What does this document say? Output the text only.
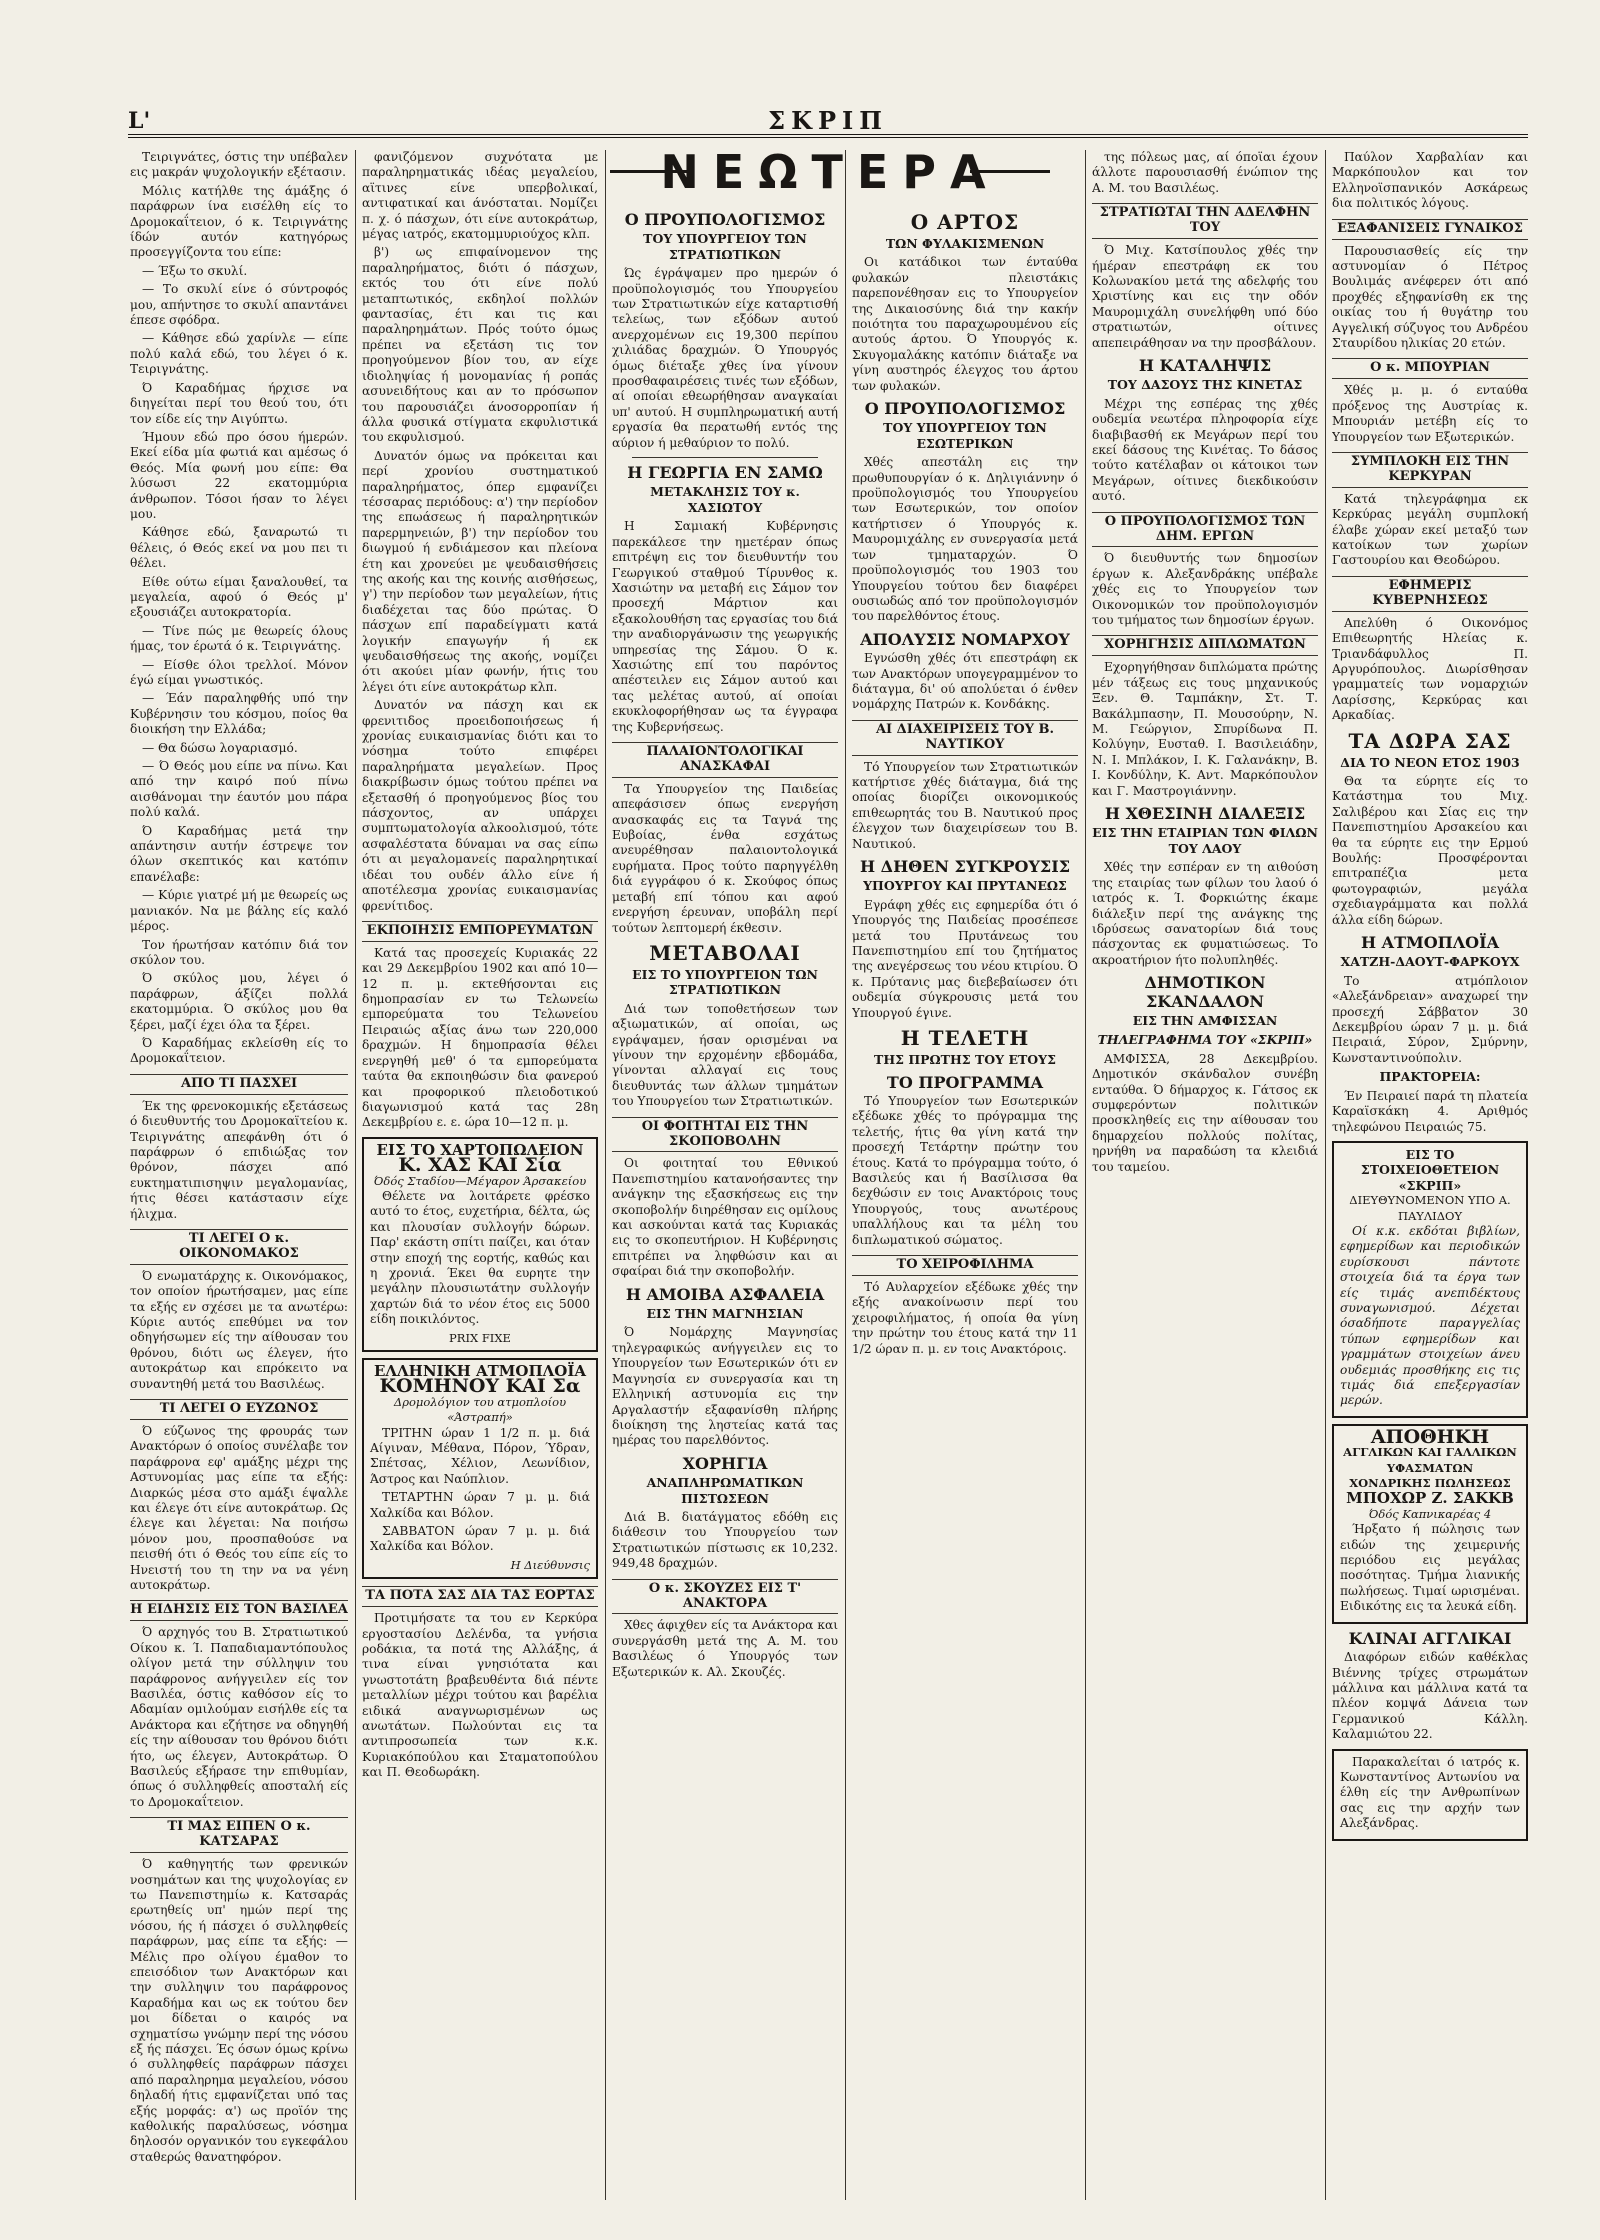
L'	ΣΚΡΙΠ

Τειριγνάτες, όστις την υπέβαλεν εις μακράν ψυχολογικήν εξέτασιν.

Μόλις κατήλθε της άμάξης ό παράφρων ίνα εισέλθη είς το Δρομοκαΐτειον, ό κ. Τειριγνάτης ίδών αυτόν κατηγόρως προσεγγίζοντα του είπε:

— Έξω το σκυλί.

— Το σκυλί είνε ό σύντροφός μου, απήντησε το σκυλί απαντάνει έπεσε σφόδρα.

— Κάθησε εδώ χαρίνλε — είπε πολύ καλά εδώ, του λέγει ό κ. Τειριγνάτης.

Ό Καραδήμας ήρχισε να διηγείται περί του θεού του, ότι τον είδε είς την Αιγύπτω.

Ήμουν εδώ προ όσου ήμερών. Εκεί είδα μία φωτιά και αμέσως ό Θεός. Μία φωνή μου είπε: Θα λύσωσι 22 εκατομμύρια άνθρωπον. Τόσοι ήσαν το λέγει μου.

Κάθησε εδώ, ξαναρωτώ τι θέλεις, ό Θεός εκεί να μου πει τι θέλει.

Είθε ούτω είμαι ξαναλουθεί, τα μεγαλεία, αφού ό Θεός μ' εξουσιάζει αυτοκρατορία.

— Τίνε πώς με θεωρείς όλους ήμας, τον έρωτά ό κ. Τειριγνάτης.

— Είσθε όλοι τρελλοί. Μόνον έγώ είμαι γνωστικός.

— Έάν παραληφθής υπό την Κυβέρνησιν του κόσμου, ποίος θα διοικήση την Ελλάδα;

— Θα δώσω λογαριασμό.

— Ό Θεός μου είπε να πίνω. Και από την καιρό πού πίνω αισθάνομαι την έαυτόν μου πάρα πολύ καλά.

Ό Καραδήμας μετά την απάντησιν αυτήν έστρεψε τον όλων σκεπτικός και κατόπιν επανέλαβε:

— Κύριε γιατρέ μή με θεωρείς ως μανιακόν. Να με βάλης είς καλό μέρος.

Τον ήρωτήσαν κατόπιν διά τον σκύλον του.

Ό σκύλος μου, λέγει ό παράφρων, άξίζει πολλά εκατομμύρια. Ό σκύλος μου θα ξέρει, μαζί έχει όλα τα ξέρει.

Ό Καραδήμας εκλείσθη είς το Δρομοκαΐτειον.

ΑΠΟ ΤΙ ΠΑΣΧΕΙ

Έκ της φρενοκομικής εξετάσεως ό διευθυντής του Δρομοκαϊτείου κ. Τειριγνάτης απεφάνθη ότι ό παράφρων ό επιδιώξας τον θρόνον, πάσχει από ευκτηματιπισηψιν μεγαλομανίας, ήτις θέσει κατάστασιν είχε ήλιχμα.

ΤΙ ΛΕΓΕΙ Ο κ. ΟΙΚΟΝΟΜΑΚΟΣ

Ό ενωματάρχης κ. Οικονόμακος, τον οποίον ήρωτήσαμεν, μας είπε τα εξής εν σχέσει με τα ανωτέρω: Κύριε αυτός επεθύμει να τον οδηγήσωμεν είς την αίθουσαν του θρόνου, διότι ως έλεγεν, ήτο αυτοκράτωρ και επρόκειτο να συναντηθή μετά του Βασιλέως.

ΤΙ ΛΕΓΕΙ Ο ΕΥΖΩΝΟΣ

Ό εύζωνος της φρουράς των Ανακτόρων ό οποίος συνέλαβε τον παράφρονα εφ' αμάξης μέχρι της Αστυνομίας μας είπε τα εξής: Διαρκώς μέσα στο αμάξι έψαλλε και έλεγε ότι είνε αυτοκράτωρ. Ως έλεγε και λέγεται: Να ποιήσω μόνον μου, προσπαθούσε να πεισθή ότι ό Θεός του είπε είς το Ηνειστή του τη την να να γένη αυτοκράτωρ.

Η ΕΙΔΗΣΙΣ ΕΙΣ ΤΟΝ ΒΑΣΙΛΕΑ

Ό αρχηγός του Β. Στρατιωτικού Οίκου κ. Ί. Παπαδιαμαντόπουλος ολίγον μετά την σύλληψιν του παράφρονος ανήγγειλεν είς τον Βασιλέα, όστις καθόσον είς το Αδαμίαν ομιλούμαν εισήλθε είς τα Ανάκτορα και εζήτησε να οδηγηθή είς την αίθουσαν του θρόνου διότι ήτο, ως έλεγεν, Αυτοκράτωρ. Ό Βασιλεύς εξήρασε την επιθυμίαν, όπως ό συλληφθείς αποσταλή είς το Δρομοκαΐτειον.

ΤΙ ΜΑΣ ΕΙΠΕΝ Ο κ. ΚΑΤΣΑΡΑΣ

Ό καθηγητής των φρενικών νοσημάτων και της ψυχολογίας εν τω Πανεπιστημίω κ. Κατσαράς ερωτηθείς υπ' ημών περί της νόσου, ής ή πάσχει ό συλληφθείς παράφρων, μας είπε τα εξής: — Μέλις προ ολίγου έμαθον το επεισόδιον των Ανακτόρων και την συλληψιν του παράφρονος Καραδήμα και ως εκ τούτου δεν μοι δίδεται ο καιρός να σχηματίσω γνώμην περί της νόσου εξ ής πάσχει. Ές όσων όμως κρίνω ό συλληφθείς παράφρων πάσχει από παραληρημα μεγαλείου, νόσου δηλαδή ήτις εμφανίζεται υπό τας εξής μορφάς: α') ως προϊόν της καθολικής παραλύσεως, νόσημα δηλοσόν οργανικόν του εγκεφάλου σταθερώς θανατηφόρον.

φανιζόμενον συχνότατα με παραληρηματικάς ιδέας μεγαλείου, αϊτινες είνε υπερβολικαί, αντιφατικαί και άνόσταται. Νομίζει π. χ. ό πάσχων, ότι είνε αυτοκράτωρ, μέγας ιατρός, εκατομμυριούχος κλπ.

β') ως επιφαίνομενον της παραληρήματος, διότι ό πάσχων, εκτός του ότι είνε πολύ μεταπτωτικός, εκδηλοί πολλών φαντασίας, έτι και τις και παραληρημάτων. Πρός τούτο όμως πρέπει να εξετάση τις τον προηγούμενον βίον του, αν είχε ιδιοληψίας ή μονομανίας ή ροπάς ασυνειδήτους και αν το πρόσωπον του παρουσιάζει άνοσορροπίαν ή άλλα φυσικά στίγματα εκφυλιστικά του εκφυλισμού.

Δυνατόν όμως να πρόκειται και περί χρονίου συστηματικού παραληρήματος, όπερ εμφανίζει τέσσαρας περιόδους: α') την περίοδον της επωάσεως ή παραληρητικών παρερμηνειών, β') την περίοδον του διωγμού ή ενδιάμεσον και πλείονα έτη και χρονεύει με ψευδαισθήσεις της ακοής και της κοινής αισθήσεως, γ') την περίοδον των μεγαλείων, ήτις διαδέχεται τας δύο πρώτας. Ό πάσχων επί παραδείγματι κατά λογικήν επαγωγήν ή εκ ψευδαισθήσεως της ακοής, νομίζει ότι ακούει μίαν φωνήν, ήτις του λέγει ότι είνε αυτοκράτωρ κλπ.

Δυνατόν να πάσχη και εκ φρενιτιδος προειδοποιήσεως ή χρονίας ευικαισμανίας διότι και το νόσημα τούτο επιφέρει παραληρήματα μεγαλείων. Προς διακρίβωσιν όμως τούτου πρέπει να εξετασθή ό προηγούμενος βίος του πάσχοντος, αν υπάρχει συμπτωματολογία αλκοολισμού, τότε ασφαλέστατα δύναμαι να σας είπω ότι αι μεγαλομανείς παραληρητικαί ιδέαι του ουδέν άλλο είνε ή αποτέλεσμα χρονίας ευικαισμανίας φρενίτιδος.

ΕΚΠΟΙΗΣΙΣ ΕΜΠΟΡΕΥΜΑΤΩΝ

Κατά τας προσεχείς Κυριακάς 22 και 29 Δεκεμβρίου 1902 και από 10—12 π. μ. εκτεθήσονται εις δημοπρασίαν εν τω Τελωνείω εμπορεύματα του Τελωνείου Πειραιώς αξίας άνω των 220,000 δραχμών. Η δημοπρασία θέλει ενεργηθή μεθ' ό τα εμπορεύματα ταύτα θα εκποιηθώσιν δια φανερού και προφορικού πλειοδοτικού διαγωνισμού κατά τας 28η Δεκεμβρίου ε. ε. ώρα 10—12 π. μ.

ΕΙΣ ΤΟ ΧΑΡΤΟΠΩΛΕΙΟΝ
Κ. ΧΑΣ ΚΑΙ Σία
Όδός Σταδίου—Μέγαρον Άρσακείου

Θέλετε να λοιτάρετε φρέσκο αυτό το έτος, ευχετήρια, δέλτα, ώς και πλουσίαν συλλογήν δώρων. Παρ' εκάστη σπίτι παίζει, και όταν στην εποχή της εορτής, καθώς και η χρονιά. Έκει θα ευρητε την μεγάλην πλουσιωτάτην συλλογήν χαρτών διά το νέον έτος εις 5000 είδη ποικιλόντος.

PRIX FIXE
ΕΛΛΗΝΙΚΗ ΑΤΜΟΠΛΟΪΑ
ΚΟΜΗΝΟΥ ΚΑΙ Σα
Δρομολόγιον του ατμοπλοίου «Άστραπή»

ΤΡΙΤΗΝ ώραν 1 1/2 π. μ. διά Αίγιναν, Μέθανα, Πόρον, Ύδραν, Σπέτσας, Χέλιον, Λεωνίδιον, Άστρος και Ναύπλιον.

ΤΕΤΑΡΤΗΝ ώραν 7 μ. μ. διά Χαλκίδα και Βόλον.

ΣΑΒΒΑΤΟΝ ώραν 7 μ. μ. διά Χαλκίδα και Βόλον.

Η Διεύθυνσις
ΤΑ ΠΟΤΑ ΣΑΣ ΔΙΑ ΤΑΣ ΕΟΡΤΑΣ

Προτιμήσατε τα του εν Κερκύρα εργοστασίου Δελένδα, τα γνήσια ροδάκια, τα ποτά της Αλλάξης, ά τινα είναι γνησιότατα και γνωστοτάτη βραβευθέντα διά πέντε μεταλλίων μέχρι τούτου και βαρέλια ειδικά αναγνωρισμένων ως ανωτάτων. Πωλούνται εις τα αντιπροσωπεία των κ.κ. Κυριακόπούλου και Σταματοπούλου και Π. Θεοδωράκη.

ΝΕΩΤΕΡΑ
Ο ΠΡΟΥΠΟΛΟΓΙΣΜΟΣ
ΤΟΥ ΥΠΟΥΡΓΕΙΟΥ ΤΩΝ ΣΤΡΑΤΙΩΤΙΚΩΝ

Ώς έγράψαμεν προ ημερών ό προϋπολογισμός του Υπουργείου των Στρατιωτικών είχε καταρτισθή τελείως, των εξόδων αυτού ανερχομένων εις 19,300 περίπου χιλιάδας δραχμών. Ό Υπουργός όμως διέταξε χθες ίνα γίνουν προσθαφαιρέσεις τινές των εξόδων, αί οποίαι εθεωρήθησαν αναγκαίαι υπ' αυτού. Η συμπληρωματική αυτή εργασία θα περατωθή εντός της αύριον ή μεθαύριον το πολύ.

Η ΓΕΩΡΓΙΑ ΕΝ ΣΑΜΩ
ΜΕΤΑΚΛΗΣΙΣ ΤΟΥ κ. ΧΑΣΙΩΤΟΥ

Η Σαμιακή Κυβέρνησις παρεκάλεσε την ημετέραν όπως επιτρέψη εις τον διευθυντήν του Γεωργικού σταθμού Τίρυνθος κ. Χασιώτην να μεταβή εις Σάμον τον προσεχή Μάρτιον και εξακολουθήση τας εργασίας του διά την αναδιοργάνωσιν της γεωργικής υπηρεσίας της Σάμου. Ό κ. Χασιώτης επί του παρόντος απέστειλεν εις Σάμον αυτού και τας μελέτας αυτού, αί οποίαι εκυκλοφορήθησαν ως τα έγγραφα της Κυβερνήσεως.

ΠΑΛΑΙΟΝΤΟΛΟΓΙΚΑΙ ΑΝΑΣΚΑΦΑΙ

Τα Υπουργείον της Παιδείας απεφάσισεν όπως ενεργήση ανασκαφάς εις τα Ταγνά της Ευβοίας, ένθα εσχάτως ανευρέθησαν παλαιοντολογικά ευρήματα. Προς τούτο παρηγγέλθη διά εγγράφου ό κ. Σκούφος όπως μεταβή επί τόπου και αφού ενεργήση έρευναν, υποβάλη περί τούτων λεπτομερή έκθεσιν.

ΜΕΤΑΒΟΛΑΙ
ΕΙΣ ΤΟ ΥΠΟΥΡΓΕΙΟΝ ΤΩΝ ΣΤΡΑΤΙΩΤΙΚΩΝ

Διά των τοποθετήσεων των αξιωματικών, αί οποίαι, ως εγράψαμεν, ήσαν ορισμέναι να γίνουν την ερχομένην εβδομάδα, γίνονται αλλαγαί εις τους διευθυντάς των άλλων τμημάτων του Υπουργείου των Στρατιωτικών.

ΟΙ ΦΟΙΤΗΤΑΙ ΕΙΣ ΤΗΝ ΣΚΟΠΟΒΟΛΗΝ

Οι φοιτηταί του Εθνικού Πανεπιστημίου κατανοήσαντες την ανάγκην της εξασκήσεως εις την σκοποβολήν διηρέθησαν εις ομίλους και ασκούνται κατά τας Κυριακάς εις το σκοπευτήριον. Η Κυβέρνησις επιτρέπει να ληφθώσιν και αι σφαίραι διά την σκοποβολήν.

Η ΑΜΟΙΒΑ ΑΣΦΑΛΕΙΑ
ΕΙΣ ΤΗΝ ΜΑΓΝΗΣΙΑΝ

Ό Νομάρχης Μαγνησίας τηλεγραφικώς ανήγγειλεν εις το Υπουργείον των Εσωτερικών ότι εν Μαγνησία εν συνεργασία και τη Ελληνική αστυνομία εις την Αργαλαστήν εξαφανίσθη πλήρης διοίκηση της ληστείας κατά τας ημέρας του παρελθόντος.

ΧΟΡΗΓΙΑ
ΑΝΑΠΛΗΡΩΜΑΤΙΚΩΝ ΠΙΣΤΩΣΕΩΝ

Διά Β. διατάγματος εδόθη εις διάθεσιν του Υπουργείου των Στρατιωτικών πίστωσις εκ 10,232. 949,48 δραχμών.

Ο κ. ΣΚΟΥΖΕΣ ΕΙΣ Τ' ΑΝΑΚΤΟΡΑ

Χθες άφιχθεν είς τα Ανάκτορα και συνεργάσθη μετά της Α. Μ. του Βασιλέως ό Υπουργός των Εξωτερικών κ. Αλ. Σκουζές.

Ο ΑΡΤΟΣ
ΤΩΝ ΦΥΛΑΚΙΣΜΕΝΩΝ

Οι κατάδικοι των ένταύθα φυλακών πλειστάκις παρεπονέθησαν εις το Υπουργείον της Δικαιοσύνης διά την κακήν ποιότητα του παραχωρουμένου είς αυτούς άρτου. Ό Υπουργός κ. Σκυγομαλάκης κατόπιν διάταξε να γίνη αυστηρός έλεγχος του άρτου των φυλακών.

Ο ΠΡΟΥΠΟΛΟΓΙΣΜΟΣ
ΤΟΥ ΥΠΟΥΡΓΕΙΟΥ ΤΩΝ ΕΣΩΤΕΡΙΚΩΝ

Χθές απεστάλη εις την πρωθυπουργίαν ό κ. Δηλιγιάννην ό προϋπολογισμός του Υπουργείου των Εσωτερικών, τον οποίον κατήρτισεν ό Υπουργός κ. Μαυρομιχάλης εν συνεργασία μετά των τμηματαρχών. Ό προϋπολογισμός του 1903 του Υπουργείου τούτου δεν διαφέρει ουσιωδώς από τον προϋπολογισμόν του παρελθόντος έτους.

ΑΠΟΛΥΣΙΣ ΝΟΜΑΡΧΟΥ

Εγνώσθη χθές ότι επεστράφη εκ των Ανακτόρων υπογεγραμμένον το διάταγμα, δι' ού απολύεται ό ένθεν νομάρχης Πατρών κ. Κονδάκης.

ΑΙ ΔΙΑΧΕΙΡΙΣΕΙΣ ΤΟΥ Β. ΝΑΥΤΙΚΟΥ

Τό Υπουργείον των Στρατιωτικών κατήρτισε χθές διάταγμα, διά της οποίας διορίζει οικονομικούς επιθεωρητάς του Β. Ναυτικού προς έλεγχον των διαχειρίσεων του Β. Ναυτικού.

Η ΔΗΘΕΝ ΣΥΓΚΡΟΥΣΙΣ
ΥΠΟΥΡΓΟΥ ΚΑΙ ΠΡΥΤΑΝΕΩΣ

Εγράφη χθές εις εφημερίδα ότι ό Υπουργός της Παιδείας προσέπεσε μετά του Πρυτάνεως του Πανεπιστημίου επί του ζητήματος της ανεγέρσεως του νέου κτιρίου. Ό κ. Πρύτανις μας διεβεβαίωσεν ότι ουδεμία σύγκρουσις μετά του Υπουργού έγινε.

Η ΤΕΛΕΤΗ
ΤΗΣ ΠΡΩΤΗΣ ΤΟΥ ΕΤΟΥΣ
ΤΟ ΠΡΟΓΡΑΜΜΑ

Τό Υπουργείον των Εσωτερικών εξέδωκε χθές το πρόγραμμα της τελετής, ήτις θα γίνη κατά την προσεχή Τετάρτην πρώτην του έτους. Κατά το πρόγραμμα τούτο, ό Βασιλεύς και ή Βασίλισσα θα δεχθώσιν εν τοις Ανακτόροις τους Υπουργούς, τους ανωτέρους υπαλλήλους και τα μέλη του διπλωματικού σώματος.

ΤΟ ΧΕΙΡΟΦΙΛΗΜΑ

Τό Αυλαρχείον εξέδωκε χθές την εξής ανακοίνωσιν περί του χειροφιλήματος, ή οποία θα γίνη την πρώτην του έτους κατά την 11 1/2 ώραν π. μ. εν τοις Ανακτόροις.

της πόλεως μας, αί όποϊαι έχουν άλλοτε παρουσιασθή ένώπιον της Α. Μ. του Βασιλέως.

ΣΤΡΑΤΙΩΤΑΙ ΤΗΝ ΑΔΕΛΦΗΝ ΤΟΥ

Ό Μιχ. Κατσίπουλος χθές την ήμέραν επεστράφη εκ του Κολωνακίου μετά της αδελφής του Χριστίνης και εις την οδόν Μαυρομιχάλη συνελήφθη υπό δύο στρατιωτών, οίτινες απεπειράθησαν να την προσβάλουν.

Η ΚΑΤΑΛΗΨΙΣ
ΤΟΥ ΔΑΣΟΥΣ ΤΗΣ ΚΙΝΕΤΑΣ

Μέχρι της εσπέρας της χθές ουδεμία νεωτέρα πληροφορία είχε διαβιβασθή εκ Μεγάρων περί του εκεί δάσους της Κινέτας. Το δάσος τούτο κατέλαβαν οι κάτοικοι των Μεγάρων, οίτινες διεκδικούσιν αυτό.

Ο ΠΡΟΥΠΟΛΟΓΙΣΜΟΣ ΤΩΝ ΔΗΜ. ΕΡΓΩΝ

Ό διευθυντής των δημοσίων έργων κ. Αλεξανδράκης υπέβαλε χθές εις το Υπουργείον των Οικονομικών τον προϋπολογισμόν του τμήματος των δημοσίων έργων.

ΧΟΡΗΓΗΣΙΣ ΔΙΠΛΩΜΑΤΩΝ

Εχορηγήθησαν διπλώματα πρώτης μέν τάξεως εις τους μηχανικούς Ξεν. Θ. Ταμπάκην, Στ. Τ. Βακάλμπασην, Π. Μουσούρην, Ν. Μ. Γεώργιον, Σπυρίδωνα Π. Κολύγην, Ευσταθ. Ι. Βασιλειάδην, Ν. Ι. Μπλάκον, Ι. Κ. Γαλανάκην, Β. Ι. Κονδύλην, Κ. Αντ. Μαρκόπουλον και Γ. Μαστρογιάννην.

Η ΧΘΕΣΙΝΗ ΔΙΑΛΕΞΙΣ
ΕΙΣ ΤΗΝ ΕΤΑΙΡΙΑΝ ΤΩΝ ΦΙΛΩΝ ΤΟΥ ΛΑΟΥ

Χθές την εσπέραν εν τη αιθούση της εταιρίας των φίλων του λαού ό ιατρός κ. Ί. Φορκιώτης έκαμε διάλεξιν περί της ανάγκης της ιδρύσεως σανατορίων διά τους πάσχοντας εκ φυματιώσεως. Το ακροατήριον ήτο πολυπληθές.

ΔΗΜΟΤΙΚΟΝ ΣΚΑΝΔΑΛΟΝ
ΕΙΣ ΤΗΝ ΑΜΦΙΣΣΑΝ
ΤΗΛΕΓΡΑΦΗΜΑ ΤΟΥ «ΣΚΡΙΠ»

ΑΜΦΙΣΣΑ, 28 Δεκεμβρίου. Δημοτικόν σκάνδαλον συνέβη ενταύθα. Ό δήμαρχος κ. Γάτσος εκ συμφερόντων πολιτικών προσκληθείς εις την αίθουσαν του δημαρχείου πολλούς πολίτας, ηρνήθη να παραδώση τα κλειδιά του ταμείου.

Παύλον Χαρβαλίαν και Μαρκόπουλον και τον Ελληνοϊσπανικόν Ασκάρεως δια πολιτικός λόγους.

ΕΞΑΦΑΝΙΣΕΙΣ ΓΥΝΑΙΚΟΣ

Παρουσιασθείς είς την αστυνομίαν ό Πέτρος Βουλιμάς ανέφερεν ότι από προχθές εξηφανίσθη εκ της οικίας του ή θυγάτηρ του Αγγελική σύζυγος του Ανδρέου Σταυρίδου ηλικίας 20 ετών.

Ο κ. ΜΠΟΥΡΙΑΝ

Χθές μ. μ. ό ενταύθα πρόξενος της Αυστρίας κ. Μπουριάν μετέβη είς το Υπουργείον των Εξωτερικών.

ΣΥΜΠΛΟΚΗ ΕΙΣ ΤΗΝ ΚΕΡΚΥΡΑΝ

Κατά τηλεγράφημα εκ Κερκύρας μεγάλη συμπλοκή έλαβε χώραν εκεί μεταξύ των κατοίκων των χωρίων Γαστουρίου και Θεοδώρου.

ΕΦΗΜΕΡΙΣ ΚΥΒΕΡΝΗΣΕΩΣ

Απελύθη ό Οικονόμος Επιθεωρητής Ηλείας κ. Τριανδάφυλλος Π. Αργυρόπουλος. Διωρίσθησαν γραμματείς των νομαρχιών Λαρίσσης, Κερκύρας και Αρκαδίας.

ΤΑ ΔΩΡΑ ΣΑΣ
ΔΙΑ ΤΟ ΝΕΟΝ ΕΤΟΣ 1903

Θα τα εύρητε είς το Κατάστημα του Μιχ. Σαλιβέρου και Σίας εις την Πανεπιστημίου Αρσακείου και θα τα εύρητε εις την Ερμού Βουλής: Προσφέρονται επιτραπέζια μετα φωτογραφιών, μεγάλα σχεδιαγράμματα και πολλά άλλα είδη δώρων.

Η ΑΤΜΟΠΛΟΪΑ
ΧΑΤΖΗ-ΔΑΟΥΤ-ΦΑΡΚΟΥΧ

Το ατμόπλοιον «Αλεξάνδρειαν» αναχωρεί την προσεχή Σάββατον 30 Δεκεμβρίου ώραν 7 μ. μ. διά Πειραιά, Σύρον, Σμύρνην, Κωνσταντινούπολιν.

ΠΡΑΚΤΟΡΕΙΑ:

Έν Πειραιεί παρά τη πλατεία Καραϊσκάκη 4. Αριθμός τηλεφώνου Πειραιώς 75.

ΕΙΣ ΤΟ ΣΤΟΙΧΕΙΟΘΕΤΕΙΟΝ «ΣΚΡΙΠ»
ΔΙΕΥΘΥΝΟΜΕΝΟΝ ΥΠΟ Α. ΠΑΥΛΙΔΟΥ

Οί κ.κ. εκδόται βιβλίων, εφημερίδων και περιοδικών ευρίσκουσι πάντοτε στοιχεία διά τα έργα των είς τιμάς ανεπιδέκτους συναγωνισμού. Δέχεται όσαδήποτε παραγγελίας τύπων εφημερίδων και γραμμάτων στοιχείων άνευ ουδεμιάς προσθήκης εις τις τιμάς διά επεξεργασίαν μερών.

ΑΠΟΘΗΚΗ
ΑΓΓΛΙΚΩΝ ΚΑΙ ΓΑΛΛΙΚΩΝ ΥΦΑΣΜΑΤΩΝ
ΧΟΝΔΡΙΚΗΣ ΠΩΛΗΣΕΩΣ
ΜΠΟΧΩΡ Ζ. ΣΑΚΚΒ
Όδός Καπνικαρέας 4

Ήρξατο ή πώλησις των ειδών της χειμερινής περιόδου εις μεγάλας ποσότητας. Τμήμα λιανικής πωλήσεως. Τιμαί ωρισμέναι. Ειδικότης εις τα λευκά είδη.

ΚΛΙΝΑΙ ΑΓΓΛΙΚΑΙ

Διαφόρων ειδών καθέκλας Βιέννης τρίχες στρωμάτων μάλλινα και μάλλινα κατά τα πλέον κομψά Δάνεια των Γερμανικού Κάλλη. Καλαμιώτου 22.

Παρακαλείται ό ιατρός κ. Κωνσταντίνος Αντωνίου να έλθη είς την Ανθρωπίνων σας εις την αρχήν των Αλεξάνδρας.
